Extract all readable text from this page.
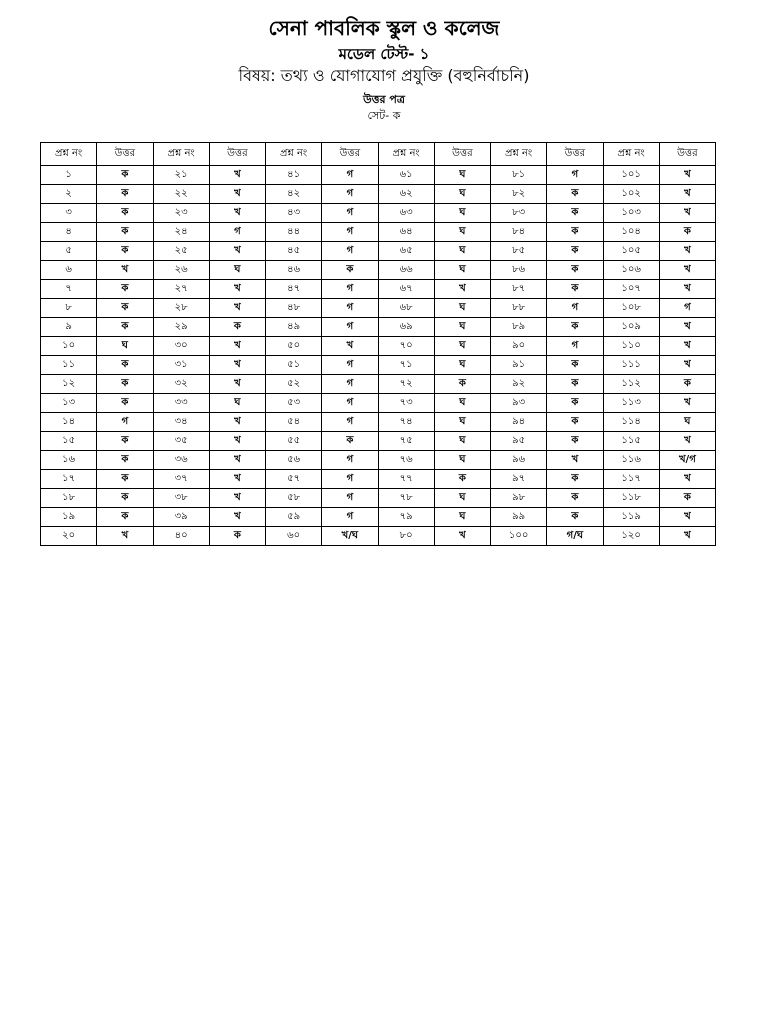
সেনা পাবলিক স্কুল ও কলেজ
মডেল টেস্ট- ১
বিষয়: তথ্য ও যোগাযোগ প্রযুক্তি (বহুনির্বাচনি)
উত্তর পত্র
সেট- ক
প্রশ্ন নং	উত্তর	প্রশ্ন নং	উত্তর	প্রশ্ন নং	উত্তর	প্রশ্ন নং	উত্তর	প্রশ্ন নং	উত্তর	প্রশ্ন নং	উত্তর
১	ক	২১	খ	৪১	গ	৬১	ঘ	৮১	গ	১০১	খ
২	ক	২২	খ	৪২	গ	৬২	ঘ	৮২	ক	১০২	খ
৩	ক	২৩	খ	৪৩	গ	৬৩	ঘ	৮৩	ক	১০৩	খ
৪	ক	২৪	গ	৪৪	গ	৬৪	ঘ	৮৪	ক	১০৪	ক
৫	ক	২৫	খ	৪৫	গ	৬৫	ঘ	৮৫	ক	১০৫	খ
৬	খ	২৬	ঘ	৪৬	ক	৬৬	ঘ	৮৬	ক	১০৬	খ
৭	ক	২৭	খ	৪৭	গ	৬৭	খ	৮৭	ক	১০৭	খ
৮	ক	২৮	খ	৪৮	গ	৬৮	ঘ	৮৮	গ	১০৮	গ
৯	ক	২৯	ক	৪৯	গ	৬৯	ঘ	৮৯	ক	১০৯	খ
১০	ঘ	৩০	খ	৫০	খ	৭০	ঘ	৯০	গ	১১০	খ
১১	ক	৩১	খ	৫১	গ	৭১	ঘ	৯১	ক	১১১	খ
১২	ক	৩২	খ	৫২	গ	৭২	ক	৯২	ক	১১২	ক
১৩	ক	৩৩	ঘ	৫৩	গ	৭৩	ঘ	৯৩	ক	১১৩	খ
১৪	গ	৩৪	খ	৫৪	গ	৭৪	ঘ	৯৪	ক	১১৪	ঘ
১৫	ক	৩৫	খ	৫৫	ক	৭৫	ঘ	৯৫	ক	১১৫	খ
১৬	ক	৩৬	খ	৫৬	গ	৭৬	ঘ	৯৬	খ	১১৬	খ/গ
১৭	ক	৩৭	খ	৫৭	গ	৭৭	ক	৯৭	ক	১১৭	খ
১৮	ক	৩৮	খ	৫৮	গ	৭৮	ঘ	৯৮	ক	১১৮	ক
১৯	ক	৩৯	খ	৫৯	গ	৭৯	ঘ	৯৯	ক	১১৯	খ
২০	খ	৪০	ক	৬০	খ/ঘ	৮০	খ	১০০	গ/ঘ	১২০	খ
